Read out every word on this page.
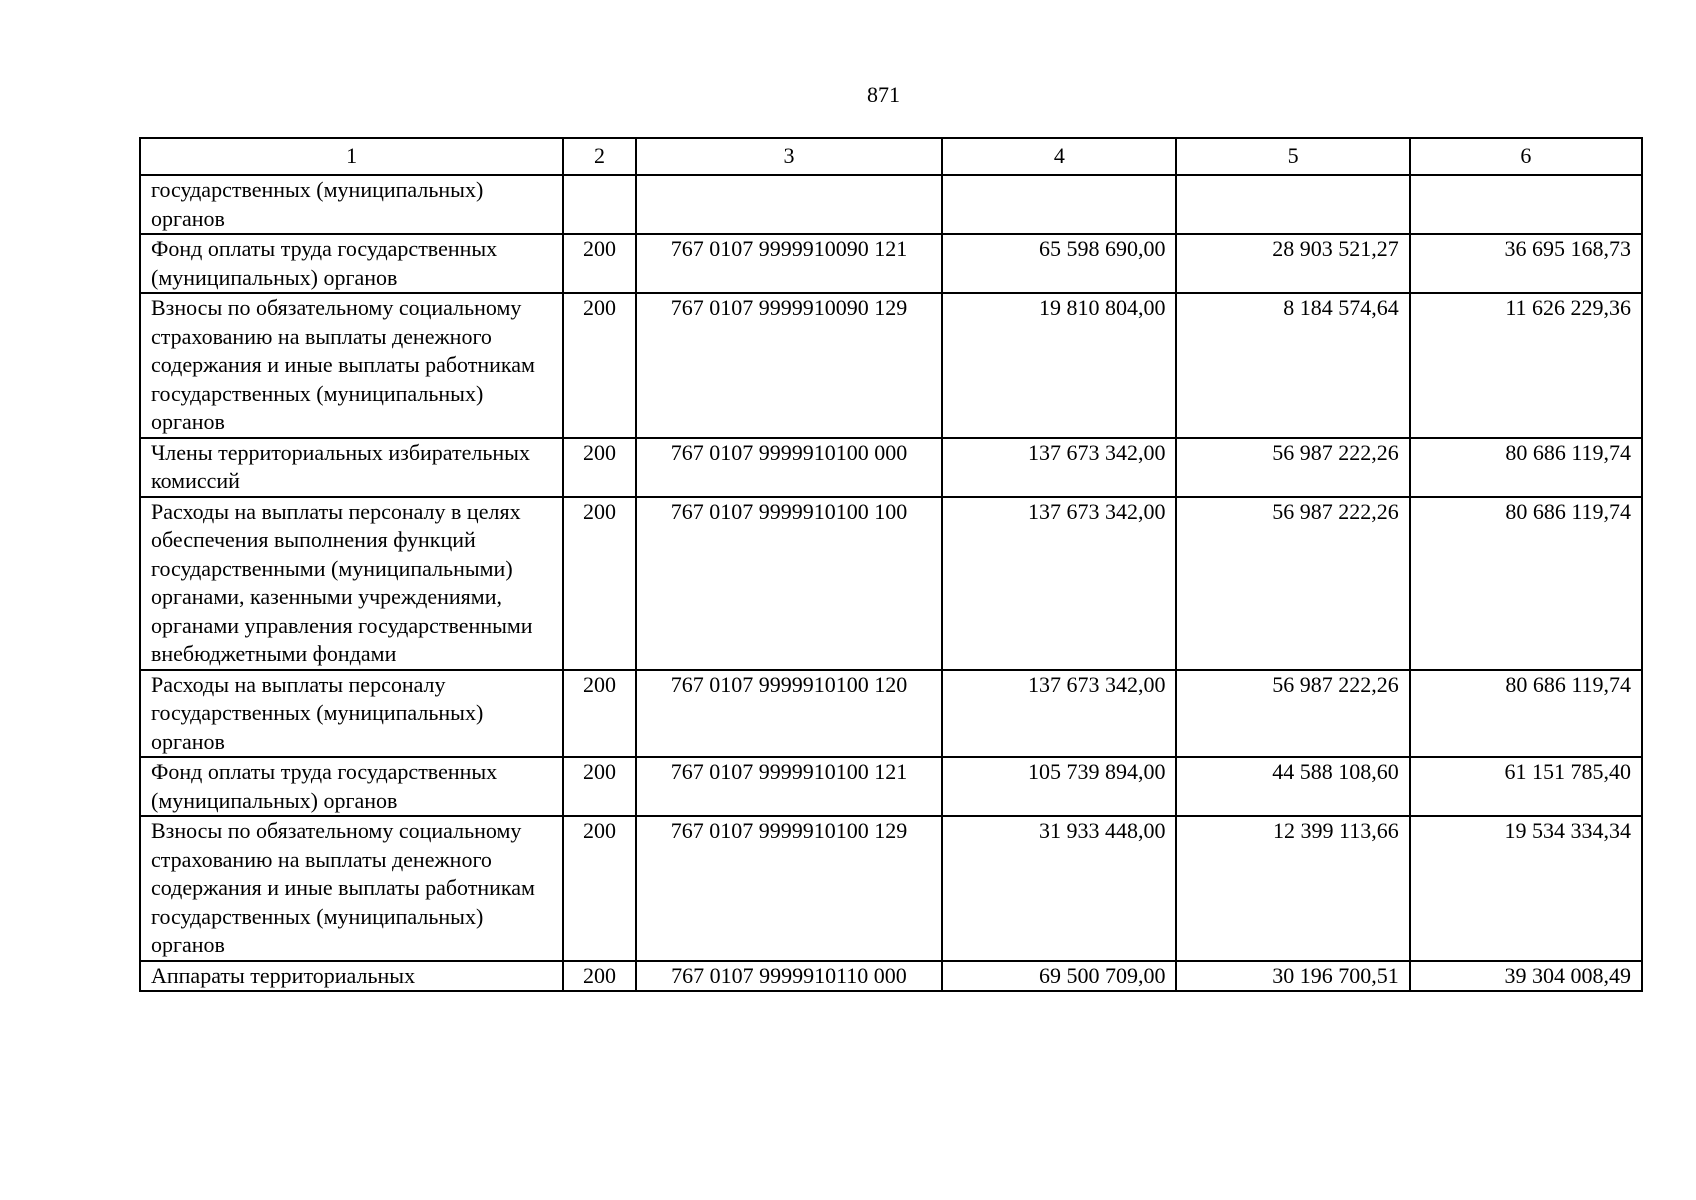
871
1	2	3	4	5	6
государственных (муниципальных) органов					
Фонд оплаты труда государственных (муниципальных) органов	200	767 0107 9999910090 121	65 598 690,00	28 903 521,27	36 695 168,73
Взносы по обязательному социальному страхованию на выплаты денежного содержания и иные выплаты работникам государственных (муниципальных) органов	200	767 0107 9999910090 129	19 810 804,00	8 184 574,64	11 626 229,36
Члены территориальных избирательных комиссий	200	767 0107 9999910100 000	137 673 342,00	56 987 222,26	80 686 119,74
Расходы на выплаты персоналу в целях обеспечения выполнения функций государственными (муниципальными) органами, казенными учреждениями, органами управления государственными внебюджетными фондами	200	767 0107 9999910100 100	137 673 342,00	56 987 222,26	80 686 119,74
Расходы на выплаты персоналу государственных (муниципальных) органов	200	767 0107 9999910100 120	137 673 342,00	56 987 222,26	80 686 119,74
Фонд оплаты труда государственных (муниципальных) органов	200	767 0107 9999910100 121	105 739 894,00	44 588 108,60	61 151 785,40
Взносы по обязательному социальному страхованию на выплаты денежного содержания и иные выплаты работникам государственных (муниципальных) органов	200	767 0107 9999910100 129	31 933 448,00	12 399 113,66	19 534 334,34
Аппараты территориальных	200	767 0107 9999910110 000	69 500 709,00	30 196 700,51	39 304 008,49
